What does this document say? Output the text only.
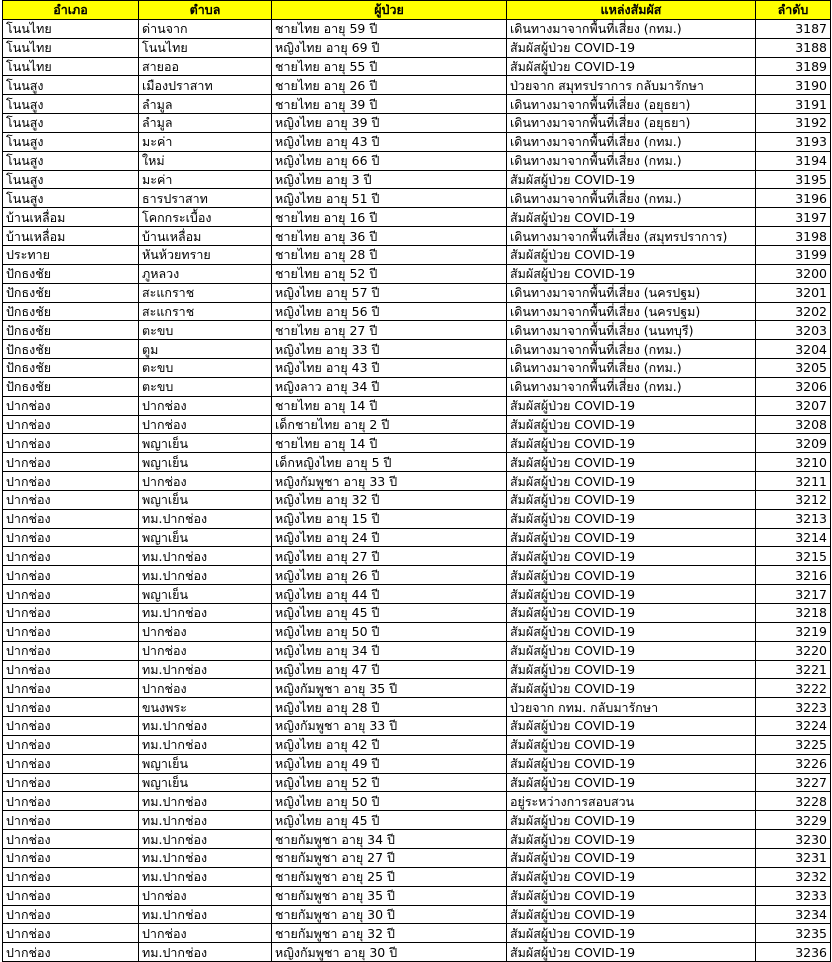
อำเภอ	ตำบล	ผู้ป่วย	แหล่งสัมผัส	ลำดับ
โนนไทย	ด่านจาก	ชายไทย อายุ 59 ปี	เดินทางมาจากพื้นที่เสี่ยง (กทม.)	3187
โนนไทย	โนนไทย	หญิงไทย อายุ 69 ปี	สัมผัสผู้ป่วย COVID-19	3188
โนนไทย	สายออ	ชายไทย อายุ 55 ปี	สัมผัสผู้ป่วย COVID-19	3189
โนนสูง	เมืองปราสาท	ชายไทย อายุ 26 ปี	ป่วยจาก สมุทรปราการ กลับมารักษา	3190
โนนสูง	ลำมูล	ชายไทย อายุ 39 ปี	เดินทางมาจากพื้นที่เสี่ยง (อยุธยา)	3191
โนนสูง	ลำมูล	หญิงไทย อายุ 39 ปี	เดินทางมาจากพื้นที่เสี่ยง (อยุธยา)	3192
โนนสูง	มะค่า	หญิงไทย อายุ 43 ปี	เดินทางมาจากพื้นที่เสี่ยง (กทม.)	3193
โนนสูง	ใหม่	หญิงไทย อายุ 66 ปี	เดินทางมาจากพื้นที่เสี่ยง (กทม.)	3194
โนนสูง	มะค่า	หญิงไทย อายุ 3 ปี	สัมผัสผู้ป่วย COVID-19	3195
โนนสูง	ธารปราสาท	หญิงไทย อายุ 51 ปี	เดินทางมาจากพื้นที่เสี่ยง (กทม.)	3196
บ้านเหลื่อม	โคกกระเบื้อง	ชายไทย อายุ 16 ปี	สัมผัสผู้ป่วย COVID-19	3197
บ้านเหลื่อม	บ้านเหลื่อม	ชายไทย อายุ 36 ปี	เดินทางมาจากพื้นที่เสี่ยง (สมุทรปราการ)	3198
ประทาย	หันห้วยทราย	ชายไทย อายุ 28 ปี	สัมผัสผู้ป่วย COVID-19	3199
ปักธงชัย	ภูหลวง	ชายไทย อายุ 52 ปี	สัมผัสผู้ป่วย COVID-19	3200
ปักธงชัย	สะแกราช	หญิงไทย อายุ 57 ปี	เดินทางมาจากพื้นที่เสี่ยง (นครปฐม)	3201
ปักธงชัย	สะแกราช	หญิงไทย อายุ 56 ปี	เดินทางมาจากพื้นที่เสี่ยง (นครปฐม)	3202
ปักธงชัย	ตะขบ	ชายไทย อายุ 27 ปี	เดินทางมาจากพื้นที่เสี่ยง (นนทบุรี)	3203
ปักธงชัย	ตูม	หญิงไทย อายุ 33 ปี	เดินทางมาจากพื้นที่เสี่ยง (กทม.)	3204
ปักธงชัย	ตะขบ	หญิงไทย อายุ 43 ปี	เดินทางมาจากพื้นที่เสี่ยง (กทม.)	3205
ปักธงชัย	ตะขบ	หญิงลาว อายุ 34 ปี	เดินทางมาจากพื้นที่เสี่ยง (กทม.)	3206
ปากช่อง	ปากช่อง	ชายไทย อายุ 14 ปี	สัมผัสผู้ป่วย COVID-19	3207
ปากช่อง	ปากช่อง	เด็กชายไทย อายุ 2 ปี	สัมผัสผู้ป่วย COVID-19	3208
ปากช่อง	พญาเย็น	ชายไทย อายุ 14 ปี	สัมผัสผู้ป่วย COVID-19	3209
ปากช่อง	พญาเย็น	เด็กหญิงไทย อายุ 5 ปี	สัมผัสผู้ป่วย COVID-19	3210
ปากช่อง	ปากช่อง	หญิงกัมพูชา อายุ 33 ปี	สัมผัสผู้ป่วย COVID-19	3211
ปากช่อง	พญาเย็น	หญิงไทย อายุ 32 ปี	สัมผัสผู้ป่วย COVID-19	3212
ปากช่อง	ทม.ปากช่อง	หญิงไทย อายุ 15 ปี	สัมผัสผู้ป่วย COVID-19	3213
ปากช่อง	พญาเย็น	หญิงไทย อายุ 24 ปี	สัมผัสผู้ป่วย COVID-19	3214
ปากช่อง	ทม.ปากช่อง	หญิงไทย อายุ 27 ปี	สัมผัสผู้ป่วย COVID-19	3215
ปากช่อง	ทม.ปากช่อง	หญิงไทย อายุ 26 ปี	สัมผัสผู้ป่วย COVID-19	3216
ปากช่อง	พญาเย็น	หญิงไทย อายุ 44 ปี	สัมผัสผู้ป่วย COVID-19	3217
ปากช่อง	ทม.ปากช่อง	หญิงไทย อายุ 45 ปี	สัมผัสผู้ป่วย COVID-19	3218
ปากช่อง	ปากช่อง	หญิงไทย อายุ 50 ปี	สัมผัสผู้ป่วย COVID-19	3219
ปากช่อง	ปากช่อง	หญิงไทย อายุ 34 ปี	สัมผัสผู้ป่วย COVID-19	3220
ปากช่อง	ทม.ปากช่อง	หญิงไทย อายุ 47 ปี	สัมผัสผู้ป่วย COVID-19	3221
ปากช่อง	ปากช่อง	หญิงกัมพูชา อายุ 35 ปี	สัมผัสผู้ป่วย COVID-19	3222
ปากช่อง	ขนงพระ	หญิงไทย อายุ 28 ปี	ป่วยจาก กทม. กลับมารักษา	3223
ปากช่อง	ทม.ปากช่อง	หญิงกัมพูชา อายุ 33 ปี	สัมผัสผู้ป่วย COVID-19	3224
ปากช่อง	ทม.ปากช่อง	หญิงไทย อายุ 42 ปี	สัมผัสผู้ป่วย COVID-19	3225
ปากช่อง	พญาเย็น	หญิงไทย อายุ 49 ปี	สัมผัสผู้ป่วย COVID-19	3226
ปากช่อง	พญาเย็น	หญิงไทย อายุ 52 ปี	สัมผัสผู้ป่วย COVID-19	3227
ปากช่อง	ทม.ปากช่อง	หญิงไทย อายุ 50 ปี	อยู่ระหว่างการสอบสวน	3228
ปากช่อง	ทม.ปากช่อง	หญิงไทย อายุ 45 ปี	สัมผัสผู้ป่วย COVID-19	3229
ปากช่อง	ทม.ปากช่อง	ชายกัมพูชา อายุ 34 ปี	สัมผัสผู้ป่วย COVID-19	3230
ปากช่อง	ทม.ปากช่อง	ชายกัมพูชา อายุ 27 ปี	สัมผัสผู้ป่วย COVID-19	3231
ปากช่อง	ทม.ปากช่อง	ชายกัมพูชา อายุ 25 ปี	สัมผัสผู้ป่วย COVID-19	3232
ปากช่อง	ปากช่อง	ชายกัมพูชา อายุ 35 ปี	สัมผัสผู้ป่วย COVID-19	3233
ปากช่อง	ทม.ปากช่อง	ชายกัมพูชา อายุ 30 ปี	สัมผัสผู้ป่วย COVID-19	3234
ปากช่อง	ปากช่อง	ชายกัมพูชา อายุ 32 ปี	สัมผัสผู้ป่วย COVID-19	3235
ปากช่อง	ทม.ปากช่อง	หญิงกัมพูชา อายุ 30 ปี	สัมผัสผู้ป่วย COVID-19	3236
